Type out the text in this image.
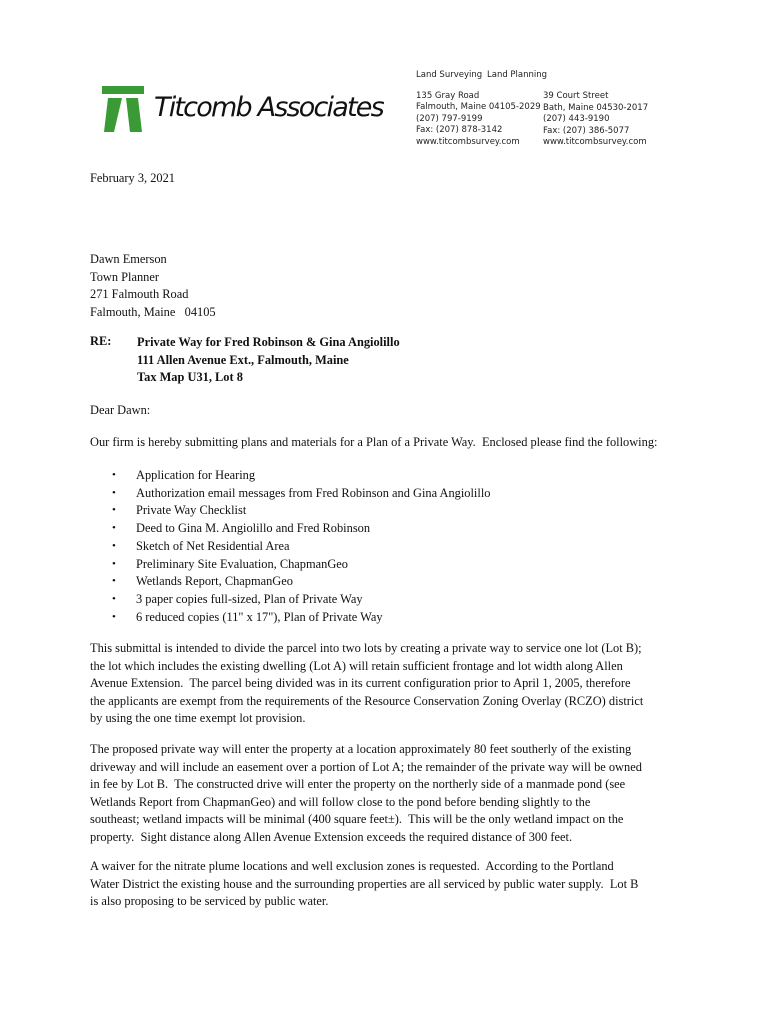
Titcomb Associates
Land Surveying
135 Gray Road
Falmouth, Maine 04105-2029
(207) 797-9199
Fax: (207) 878-3142
www.titcombsurvey.com
Land Planning
39 Court Street
Bath, Maine 04530-2017
(207) 443-9190
Fax: (207) 386-5077
www.titcombsurvey.com
February 3, 2021
Dawn Emerson
Town Planner
271 Falmouth Road
Falmouth, Maine   04105
RE: Private Way for Fred Robinson & Gina Angiolillo
111 Allen Avenue Ext., Falmouth, Maine
Tax Map U31, Lot 8
Dear Dawn:
Our firm is hereby submitting plans and materials for a Plan of a Private Way.  Enclosed please find the following:
• Application for Hearing
• Authorization email messages from Fred Robinson and Gina Angiolillo
• Private Way Checklist
• Deed to Gina M. Angiolillo and Fred Robinson
• Sketch of Net Residential Area
• Preliminary Site Evaluation, ChapmanGeo
• Wetlands Report, ChapmanGeo
• 3 paper copies full-sized, Plan of Private Way
• 6 reduced copies (11" x 17"), Plan of Private Way
This submittal is intended to divide the parcel into two lots by creating a private way to service one lot (Lot B);
the lot which includes the existing dwelling (Lot A) will retain sufficient frontage and lot width along Allen
Avenue Extension.  The parcel being divided was in its current configuration prior to April 1, 2005, therefore
the applicants are exempt from the requirements of the Resource Conservation Zoning Overlay (RCZO) district
by using the one time exempt lot provision.
The proposed private way will enter the property at a location approximately 80 feet southerly of the existing
driveway and will include an easement over a portion of Lot A; the remainder of the private way will be owned
in fee by Lot B.  The constructed drive will enter the property on the northerly side of a manmade pond (see
Wetlands Report from ChapmanGeo) and will follow close to the pond before bending slightly to the
southeast; wetland impacts will be minimal (400 square feet±).  This will be the only wetland impact on the
property.  Sight distance along Allen Avenue Extension exceeds the required distance of 300 feet.
A waiver for the nitrate plume locations and well exclusion zones is requested.  According to the Portland
Water District the existing house and the surrounding properties are all serviced by public water supply.  Lot B
is also proposing to be serviced by public water.
